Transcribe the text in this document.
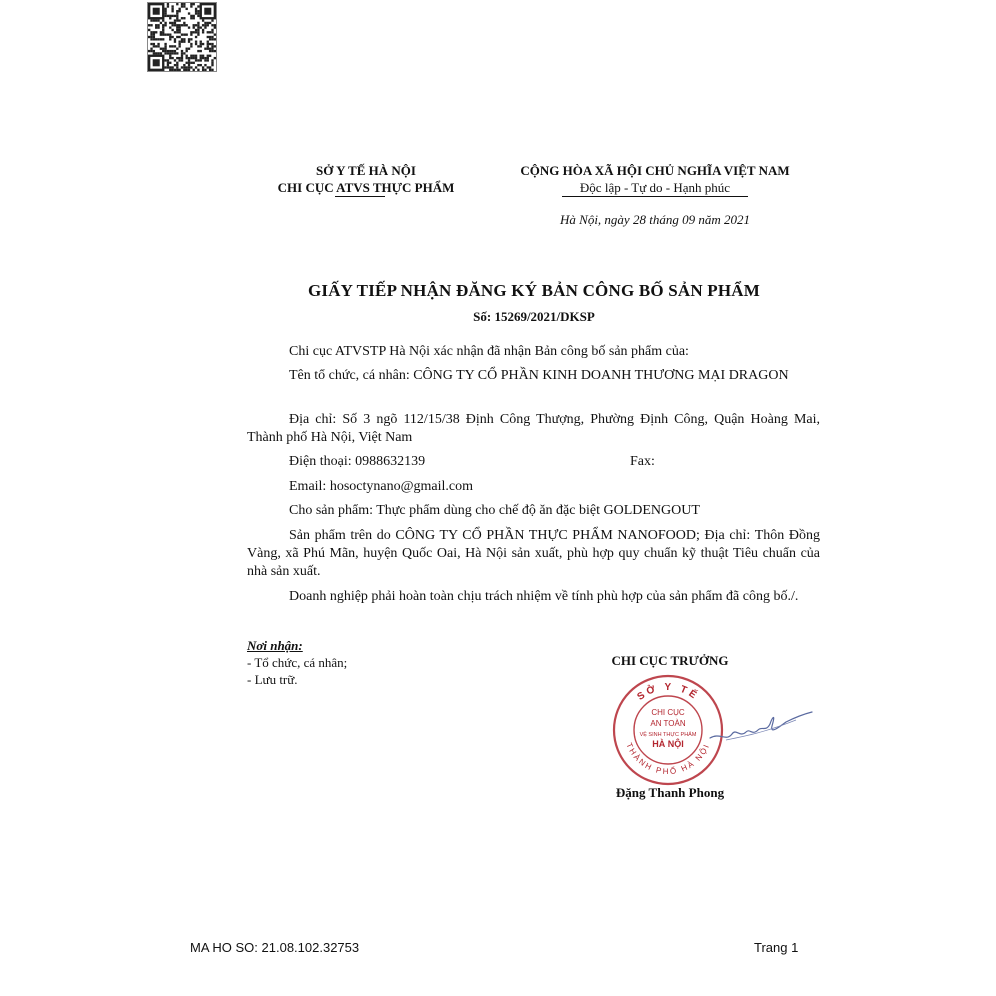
SỞ Y TẾ HÀ NỘI
CHI CỤC ATVS THỰC PHẨM
CỘNG HÒA XÃ HỘI CHỦ NGHĨA VIỆT NAM
Độc lập - Tự do - Hạnh phúc
Hà Nội, ngày 28 tháng 09 năm 2021
GIẤY TIẾP NHẬN ĐĂNG KÝ BẢN CÔNG BỐ SẢN PHẨM
Số: 15269/2021/DKSP
Chi cục ATVSTP Hà Nội xác nhận đã nhận Bản công bố sản phẩm của:
Tên tổ chức, cá nhân: CÔNG TY CỔ PHẦN KINH DOANH THƯƠNG MẠI DRAGON
Địa chỉ: Số 3 ngõ 112/15/38 Định Công Thượng, Phường Định Công, Quận Hoàng Mai, Thành phố Hà Nội, Việt Nam
Điện thoại: 0988632139	Fax:
Email: hosoctynano@gmail.com
Cho sản phẩm: Thực phẩm dùng cho chế độ ăn đặc biệt GOLDENGOUT
Sản phẩm trên do CÔNG TY CỔ PHẦN THỰC PHẨM NANOFOOD; Địa chỉ: Thôn Đồng Vàng, xã Phú Mãn, huyện Quốc Oai, Hà Nội sản xuất, phù hợp quy chuẩn kỹ thuật Tiêu chuẩn của nhà sản xuất.
Doanh nghiệp phải hoàn toàn chịu trách nhiệm về tính phù hợp của sản phẩm đã công bố./.
Nơi nhận:
- Tổ chức, cá nhân;
- Lưu trữ.
CHI CỤC TRƯỞNG
SỞ Y TẾ
THÀNH PHỐ HÀ NỘI
CHI CỤC
AN TOÀN
VỆ SINH THỰC PHẨM
HÀ NỘI
Đặng Thanh Phong
MA HO SO: 21.08.102.32753	Trang 1
